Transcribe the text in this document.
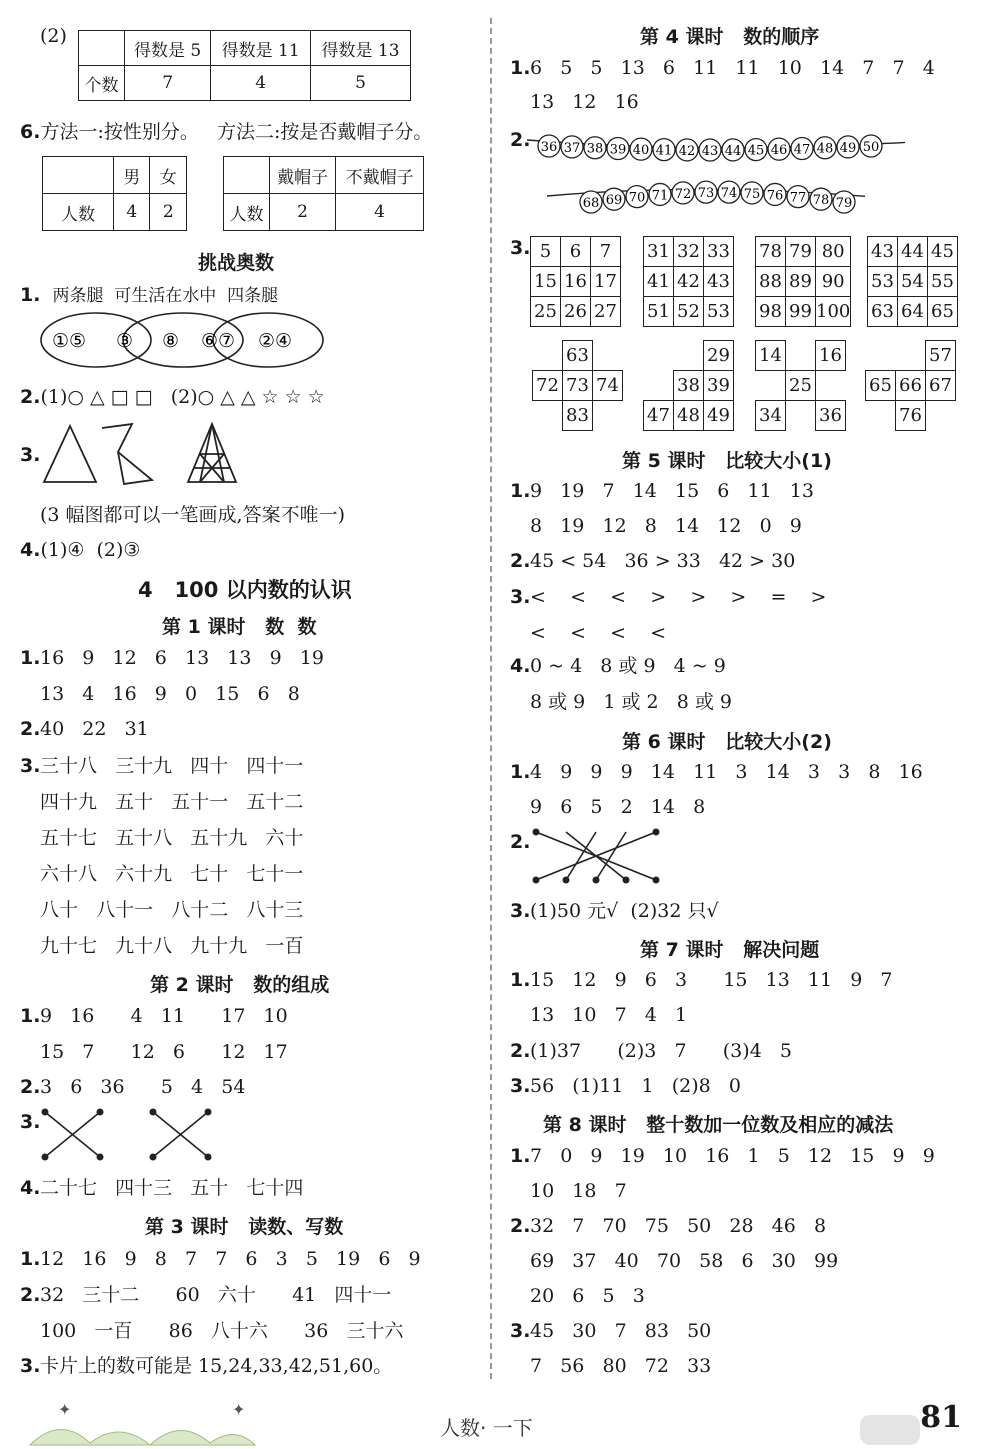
(2)
	得数是 5	得数是 11	得数是 13
个数	7	4	5
6.方法一:按性别分。   方法二:按是否戴帽子分。
	男	女
人数	4	2
	戴帽子	不戴帽子
人数	2	4
挑战奥数
1. 两条腿  可生活在水中  四条腿
①⑤ ③ ⑧ ⑥⑦ ②④
2.(1)○ △ □ □   (2)○ △ △ ☆ ☆ ☆
3.
(3 幅图都可以一笔画成,答案不唯一)
4.(1)④  (2)③
4   100 以内数的认识
第 1 课时   数  数
1.16   9   12   6   13   13   9   19
13   4   16   9   0   15   6   8
2.40   22   31
3.三十八   三十九   四十   四十一
四十九   五十   五十一   五十二
五十七   五十八   五十九   六十
六十八   六十九   七十   七十一
八十   八十一   八十二   八十三
九十七   九十八   九十九   一百
第 2 课时   数的组成
1.9   16      4   11      17   10
15   7      12   6      12   17
2.3   6   36      5   4   54
3.
4.二十七   四十三   五十   七十四
第 3 课时   读数、写数
1.12   16   9   8   7   7   6   3   5   19   6   9
2.32   三十二      60   六十      41   四十一
100   一百      86   八十六      36   三十六
3.卡片上的数可能是 15,24,33,42,51,60。
第 4 课时   数的顺序
1.6   5   5   13   6   11   11   10   14   7   7   4
13   12   16
2. 36 37 38 39 40 41 42 43 44 45 46 47 48 49 50
68 69 70 71 72 73 74 75 76 77 78 79
3. 5	6	7
15	16	17
25	26	27
31	32	33
41	42	43
51	52	53
78	79	80
88	89	90
98	99	100
43	44	45
53	54	55
63	64	65
	63	
72	73	74
	83	
		29
	38	39
47	48	49
14		16
	25	
34		36
		57
65	66	67
	76	
第 5 课时   比较大小(1)
1.9   19   7   14   15   6   11   13
8   19   12   8   14   12   0   9
2.45 < 54   36 > 33   42 > 30
3.<    <    <    >    >    >    =    >
<    <    <    <
4.0 ~ 4   8 或 9   4 ~ 9
8 或 9   1 或 2   8 或 9
第 6 课时   比较大小(2)
1.4   9   9   9   14   11   3   14   3   3   8   16
9   6   5   2   14   8
2.
3.(1)50 元√  (2)32 只√
第 7 课时   解决问题
1.15   12   9   6   3      15   13   11   9   7
13   10   7   4   1
2.(1)37      (2)3   7      (3)4   5
3.56   (1)11   1   (2)8   0
第 8 课时   整十数加一位数及相应的减法
1.7   0   9   19   10   16   1   5   12   15   9   9
10   18   7
2.32   7   70   75   50   28   46   8
69   37   40   70   58   6   30   99
20   6   5   3
3.45   30   7   83   50
7   56   80   72   33
✦	✦
人数· 一下	81
